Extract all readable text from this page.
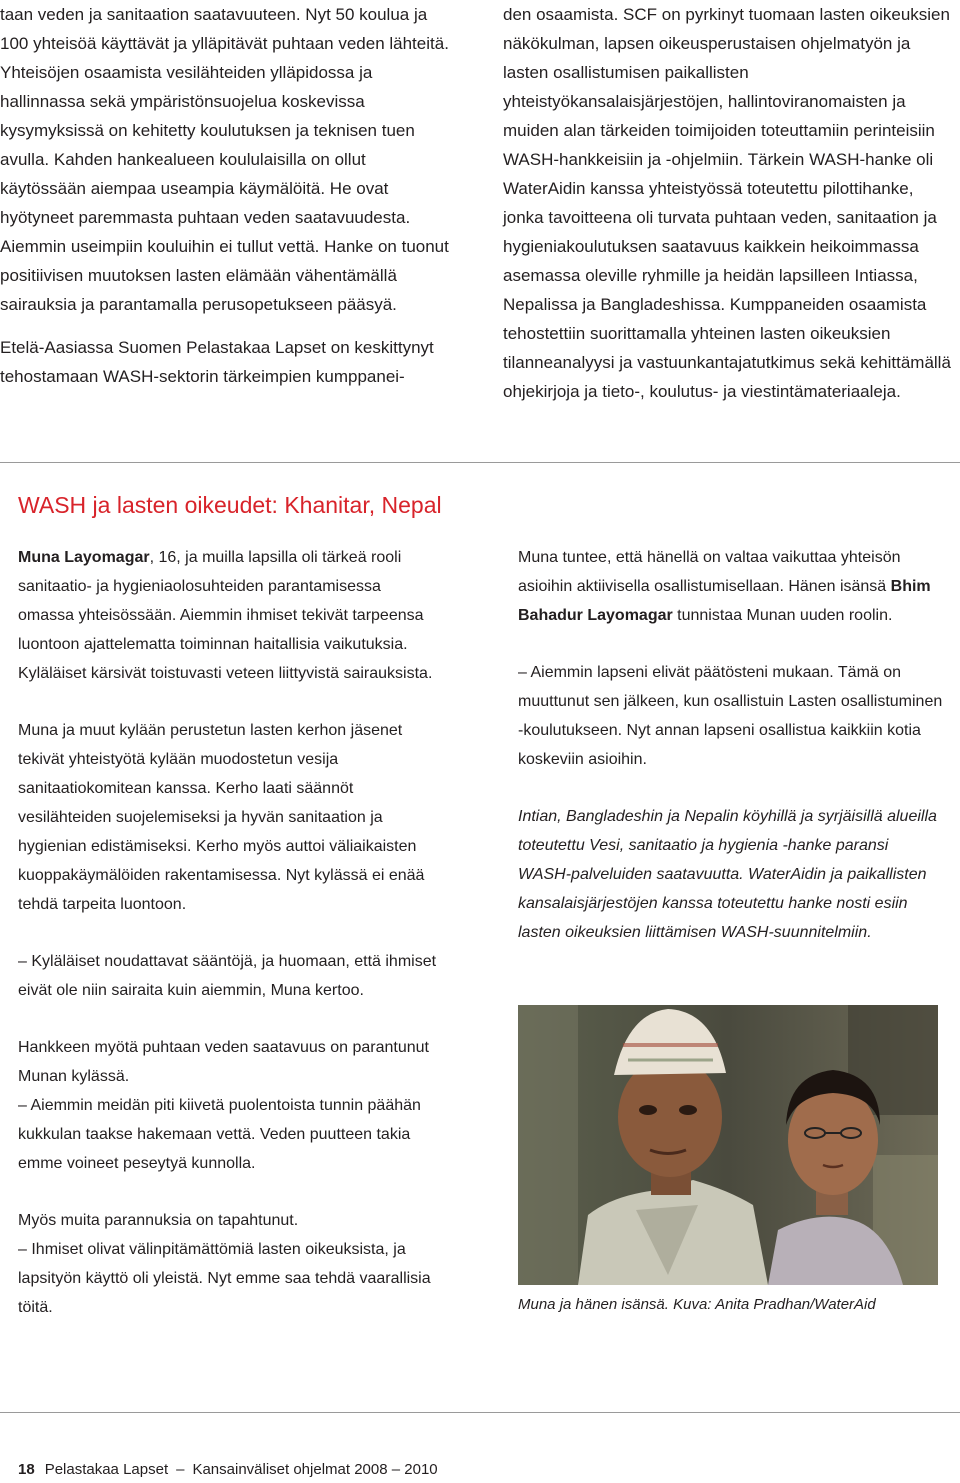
taan veden ja sanitaation saatavuuteen. Nyt 50 koulua ja 100 yhteisöä käyttävät ja ylläpitävät puhtaan veden lähteitä. Yhteisöjen osaamista vesilähteiden ylläpidossa ja hallinnassa sekä ympäristönsuojelua koskevissa kysymyksissä on kehitetty koulutuksen ja teknisen tuen avulla. Kahden hankealueen koululaisilla on ollut käytössään aiempaa useampia käymälöitä. He ovat hyötyneet paremmasta puhtaan veden saatavuudesta. Aiemmin useimpiin kouluihin ei tullut vettä. Hanke on tuonut positiivisen muutoksen lasten elämään vähentämällä sairauksia ja parantamalla perusopetukseen pääsyä.

Etelä-Aasiassa Suomen Pelastakaa Lapset on keskittynyt tehostamaan WASH-sektorin tärkeimpien kumppanei-

den osaamista. SCF on pyrkinyt tuomaan lasten oikeuksien näkökulman, lapsen oikeusperustaisen ohjelmatyön ja lasten osallistumisen paikallisten yhteistyökansalaisjärjestöjen, hallintoviranomaisten ja muiden alan tärkeiden toimijoiden toteuttamiin perinteisiin WASH-hankkeisiin ja -ohjelmiin. Tärkein WASH-hanke oli WaterAidin kanssa yhteistyössä toteutettu pilottihanke, jonka tavoitteena oli turvata puhtaan veden, sanitaation ja hygieniakoulutuksen saatavuus kaikkein heikoimmassa asemassa oleville ryhmille ja heidän lapsilleen Intiassa, Nepalissa ja Bangladeshissa. Kumppaneiden osaamista tehostettiin suorittamalla yhteinen lasten oikeuksien tilanneanalyysi ja vastuunkantajatutkimus sekä kehittämällä ohjekirjoja ja tieto-, koulutus- ja viestintämateriaaleja.

WASH ja lasten oikeudet: Khanitar, Nepal

Muna Layomagar, 16, ja muilla lapsilla oli tärkeä rooli sanitaatio- ja hygieniaolosuhteiden parantamisessa omassa yhteisössään. Aiemmin ihmiset tekivät tarpeensa luontoon ajattelematta toiminnan haitallisia vaikutuksia. Kyläläiset kärsivät toistuvasti veteen liittyvistä sairauksista.

Muna ja muut kylään perustetun lasten kerhon jäsenet tekivät yhteistyötä kylään muodostetun vesija sanitaatiokomitean kanssa. Kerho laati säännöt vesilähteiden suojelemiseksi ja hyvän sanitaation ja hygienian edistämiseksi. Kerho myös auttoi väliaikaisten kuoppakäymälöiden rakentamisessa. Nyt kylässä ei enää tehdä tarpeita luontoon.

– Kyläläiset noudattavat sääntöjä, ja huomaan, että ihmiset eivät ole niin sairaita kuin aiemmin, Muna kertoo.

Hankkeen myötä puhtaan veden saatavuus on parantunut Munan kylässä.

– Aiemmin meidän piti kiivetä puolentoista tunnin päähän kukkulan taakse hakemaan vettä. Veden puutteen takia emme voineet peseytyä kunnolla.

Myös muita parannuksia on tapahtunut.

– Ihmiset olivat välinpitämättömiä lasten oikeuksista, ja lapsityön käyttö oli yleistä. Nyt emme saa tehdä vaarallisia töitä.

Muna tuntee, että hänellä on valtaa vaikuttaa yhteisön asioihin aktiivisella osallistumisellaan. Hänen isänsä Bhim Bahadur Layomagar tunnistaa Munan uuden roolin.

– Aiemmin lapseni elivät päätösteni mukaan. Tämä on muuttunut sen jälkeen, kun osallistuin Lasten osallistuminen -koulutukseen. Nyt annan lapseni osallistua kaikkiin kotia koskeviin asioihin.

Intian, Bangladeshin ja Nepalin köyhillä ja syrjäisillä alueilla toteutettu Vesi, sanitaatio ja hygienia -hanke paransi WASH-palveluiden saatavuutta. WaterAidin ja paikallisten kansalaisjärjestöjen kanssa toteutettu hanke nosti esiin lasten oikeuksien liittämisen WASH-suunnitelmiin.

Muna ja hänen isänsä. Kuva: Anita Pradhan/WaterAid
18 Pelastakaa Lapset – Kansainväliset ohjelmat 2008 – 2010
